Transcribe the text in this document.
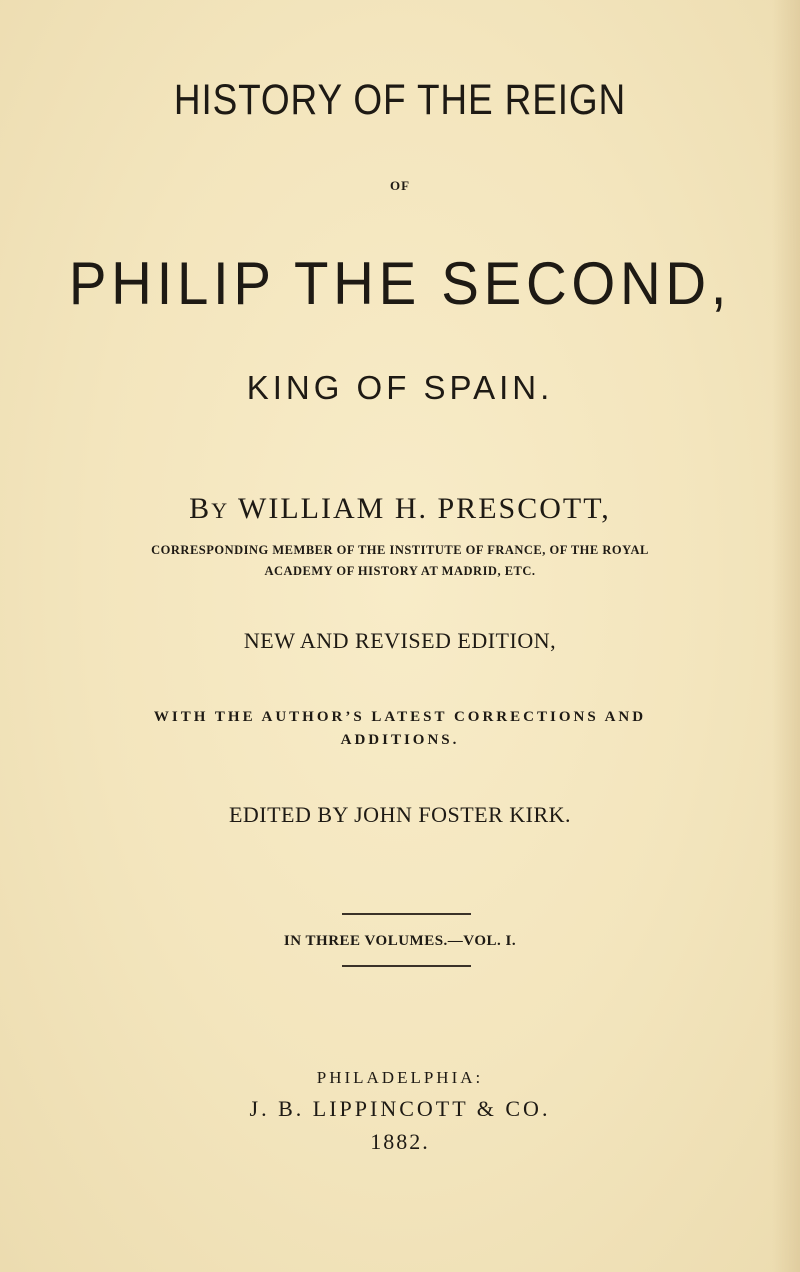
HISTORY OF THE REIGN
OF
PHILIP THE SECOND,
KING OF SPAIN.
BY WILLIAM H. PRESCOTT,
CORRESPONDING MEMBER OF THE INSTITUTE OF FRANCE, OF THE ROYAL
ACADEMY OF HISTORY AT MADRID, ETC.
NEW AND REVISED EDITION,
WITH THE AUTHOR’S LATEST CORRECTIONS AND
ADDITIONS.
EDITED BY JOHN FOSTER KIRK.
IN THREE VOLUMES.—VOL. I.
PHILADELPHIA:
J. B. LIPPINCOTT & CO.
1882.
